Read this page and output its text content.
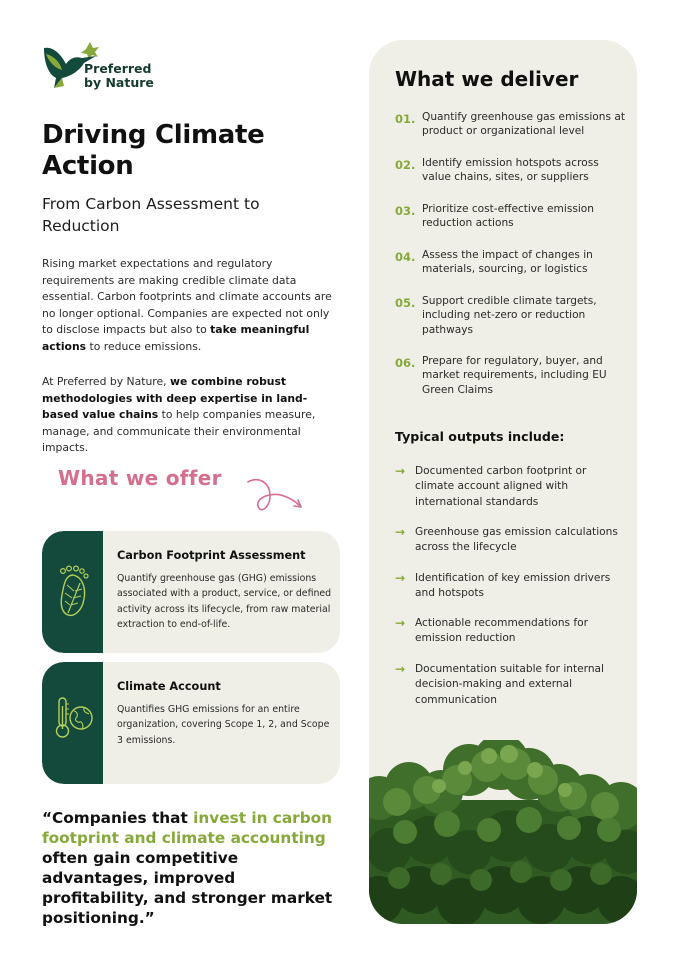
Preferred
by Nature
Driving Climate Action
From Carbon Assessment to Reduction

Rising market expectations and regulatory requirements are making credible climate data essential. Carbon footprints and climate accounts are no longer optional. Companies are expected not only to disclose impacts but also to take meaningful actions to reduce emissions.

At Preferred by Nature, we combine robust methodologies with deep expertise in land-based value chains to help companies measure, manage, and communicate their environmental impacts.

What we offer
Carbon Footprint Assessment
Quantify greenhouse gas (GHG) emissions associated with a product, service, or defined activity across its lifecycle, from raw material extraction to end-of-life.
Climate Account
Quantifies GHG emissions for an entire organization, covering Scope 1, 2, and Scope 3 emissions.

“Companies that invest in carbon footprint and climate accounting often gain competitive advantages, improved profitability, and stronger market positioning.”

What we deliver
01. Quantify greenhouse gas emissions at product or organizational level
02. Identify emission hotspots across value chains, sites, or suppliers
03. Prioritize cost-effective emission reduction actions
04. Assess the impact of changes in materials, sourcing, or logistics
05. Support credible climate targets, including net-zero or reduction pathways
06. Prepare for regulatory, buyer, and market requirements, including EU Green Claims
Typical outputs include:
→ Documented carbon footprint or climate account aligned with international standards
→ Greenhouse gas emission calculations across the lifecycle
→ Identification of key emission drivers and hotspots
→ Actionable recommendations for emission reduction
→ Documentation suitable for internal decision-making and external communication
